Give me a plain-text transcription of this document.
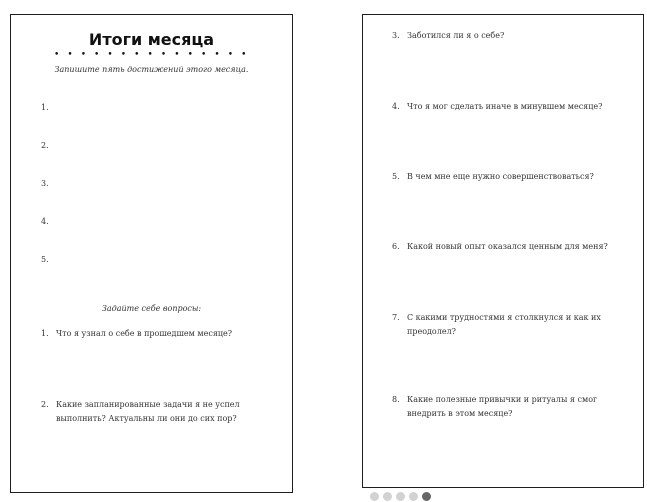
Итоги месяца
• • • • • • • • • • • • • • •
Запишите пять достижений этого месяца.
1.
2.
3.
4.
5.
Задайте себе вопросы:
1. Что я узнал о себе в прошедшем месяце?
2. Какие запланированные задачи я не успел выполнить? Актуальны ли они до сих пор?
3. Заботился ли я о себе?
4. Что я мог сделать иначе в минувшем месяце?
5. В чем мне еще нужно совершенствоваться?
6. Какой новый опыт оказался ценным для меня?
7. С какими трудностями я столкнулся и как их преодолел?
8. Какие полезные привычки и ритуалы я смог внедрить в этом месяце?
